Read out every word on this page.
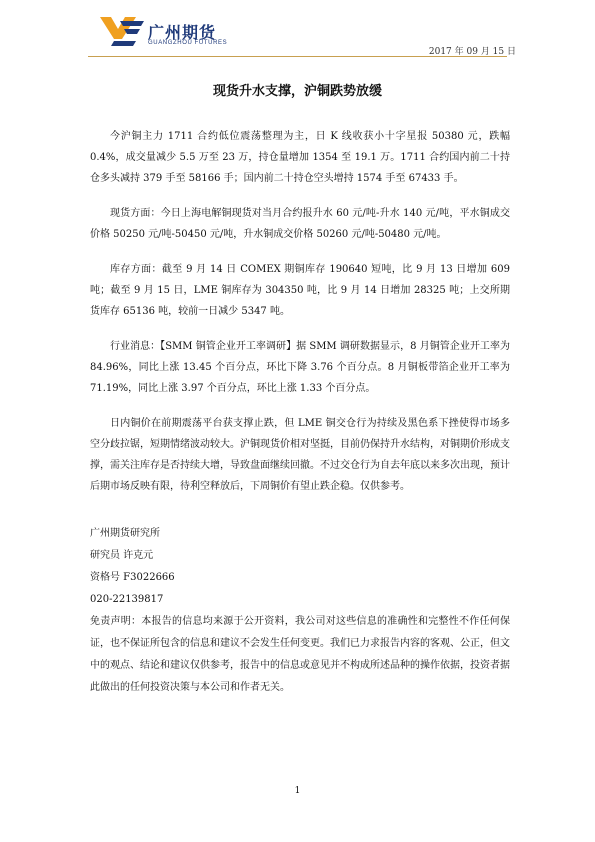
广州期货
GUANGZHOU FUTURES
2017 年 09 月 15 日
现货升水支撑，沪铜跌势放缓

今沪铜主力 1711 合约低位震荡整理为主，日 K 线收获小十字星报 50380 元，跌幅 0.4%，成交量减少 5.5 万至 23 万，持仓量增加 1354 至 19.1 万。1711 合约国内前二十持仓多头减持 379 手至 58166 手；国内前二十持仓空头增持 1574 手至 67433 手。

现货方面：今日上海电解铜现货对当月合约报升水 60 元/吨-升水 140 元/吨，平水铜成交价格 50250 元/吨-50450 元/吨，升水铜成交价格 50260 元/吨-50480 元/吨。

库存方面：截至 9 月 14 日 COMEX 期铜库存 190640 短吨，比 9 月 13 日增加 609 吨；截至 9 月 15 日，LME 铜库存为 304350 吨，比 9 月 14 日增加 28325 吨；上交所期货库存 65136 吨，较前一日减少 5347 吨。

行业消息：【SMM 铜管企业开工率调研】据 SMM 调研数据显示，8 月铜管企业开工率为 84.96%，同比上涨 13.45 个百分点，环比下降 3.76 个百分点。8 月铜板带箔企业开工率为 71.19%，同比上涨 3.97 个百分点，环比上涨 1.33 个百分点。

日内铜价在前期震荡平台获支撑止跌，但 LME 铜交仓行为持续及黑色系下挫使得市场多空分歧拉锯，短期情绪波动较大。沪铜现货价相对坚挺，目前仍保持升水结构，对铜期价形成支撑，需关注库存是否持续大增，导致盘面继续回撤。不过交仓行为自去年底以来多次出现，预计后期市场反映有限，待利空释放后，下周铜价有望止跌企稳。仅供参考。

广州期货研究所

研究员 许克元

资格号 F3022666

020-22139817

免责声明：本报告的信息均来源于公开资料，我公司对这些信息的准确性和完整性不作任何保证，也不保证所包含的信息和建议不会发生任何变更。我们已力求报告内容的客观、公正，但文中的观点、结论和建议仅供参考，报告中的信息或意见并不构成所述品种的操作依据，投资者据此做出的任何投资决策与本公司和作者无关。

1
